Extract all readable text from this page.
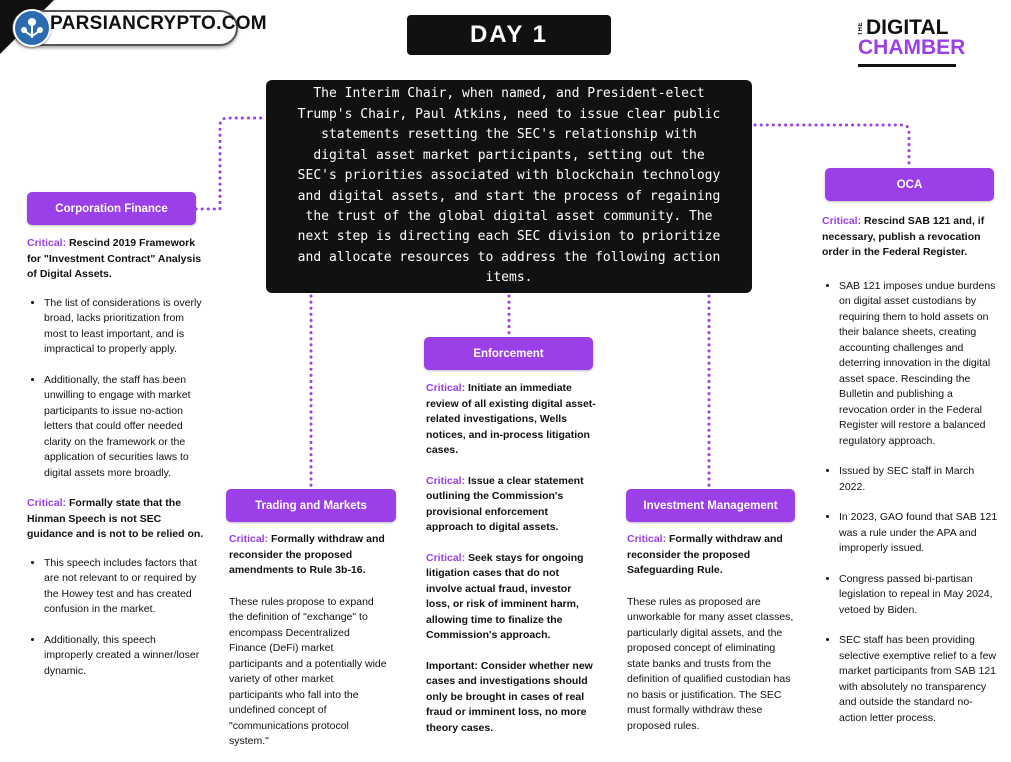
PARSIANCRYPTO.COM	DAY 1	THE DIGITAL
CHAMBER

The Interim Chair, when named, and President-elect Trump's Chair, Paul Atkins, need to issue clear public statements resetting the SEC's relationship with digital asset market participants, setting out the SEC's priorities associated with blockchain technology and digital assets, and start the process of regaining the trust of the global digital asset community. The next step is directing each SEC division to prioritize and allocate resources to address the following action items.

Corporation Finance
Trading and Markets
Enforcement
Investment Management
OCA

Critical: Rescind 2019 Framework for "Investment Contract" Analysis of Digital Assets.

• The list of considerations is overly broad, lacks prioritization from most to least important, and is impractical to properly apply.
• Additionally, the staff has been unwilling to engage with market participants to issue no-action letters that could offer needed clarity on the framework or the application of securities laws to digital assets more broadly.

Critical: Formally state that the Hinman Speech is not SEC guidance and is not to be relied on.

• This speech includes factors that are not relevant to or required by the Howey test and has created confusion in the market.
• Additionally, this speech improperly created a winner/loser dynamic.

Critical: Formally withdraw and reconsider the proposed amendments to Rule 3b-16.

These rules propose to expand the definition of "exchange" to encompass Decentralized Finance (DeFi) market participants and a potentially wide variety of other market participants who fall into the undefined concept of "communications protocol system."

Critical: Initiate an immediate review of all existing digital asset-related investigations, Wells notices, and in-process litigation cases.

Critical: Issue a clear statement outlining the Commission's provisional enforcement approach to digital assets.

Critical: Seek stays for ongoing litigation cases that do not involve actual fraud, investor loss, or risk of imminent harm, allowing time to finalize the Commission's approach.

Important: Consider whether new cases and investigations should only be brought in cases of real fraud or imminent loss, no more theory cases.

Critical: Formally withdraw and reconsider the proposed Safeguarding Rule.

These rules as proposed are unworkable for many asset classes, particularly digital assets, and the proposed concept of eliminating state banks and trusts from the definition of qualified custodian has no basis or justification. The SEC must formally withdraw these proposed rules.

Critical: Rescind SAB 121 and, if necessary, publish a revocation order in the Federal Register.

• SAB 121 imposes undue burdens on digital asset custodians by requiring them to hold assets on their balance sheets, creating accounting challenges and deterring innovation in the digital asset space. Rescinding the Bulletin and publishing a revocation order in the Federal Register will restore a balanced regulatory approach.
• Issued by SEC staff in March 2022.
• In 2023, GAO found that SAB 121 was a rule under the APA and improperly issued.
• Congress passed bi-partisan legislation to repeal in May 2024, vetoed by Biden.
• SEC staff has been providing selective exemptive relief to a few market participants from SAB 121 with absolutely no transparency and outside the standard no-action letter process.
